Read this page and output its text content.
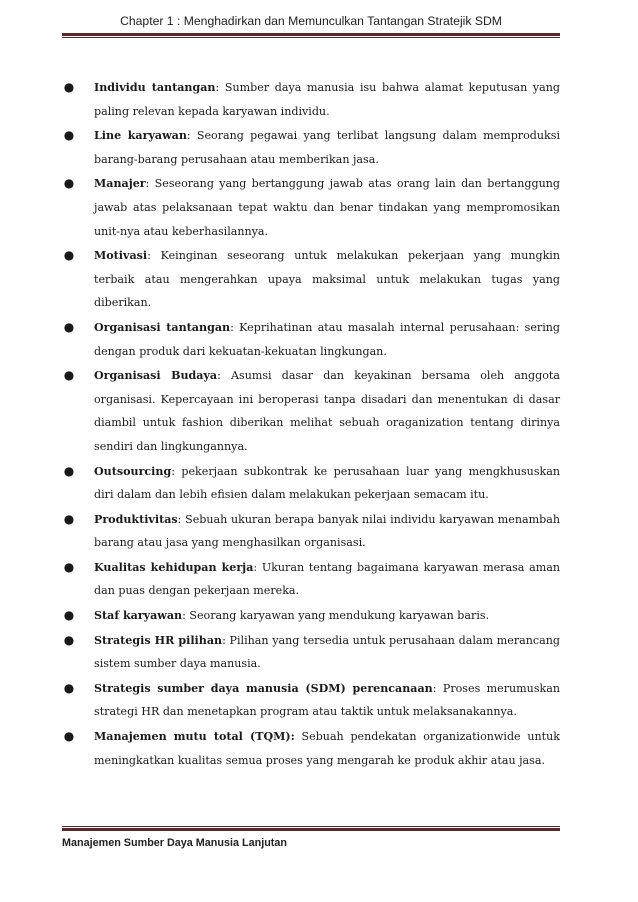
Chapter 1 : Menghadirkan dan Memunculkan Tantangan Stratejik SDM
● Individu tantangan: Sumber daya manusia isu bahwa alamat keputusan yang paling relevan kepada karyawan individu.
● Line karyawan: Seorang pegawai yang terlibat langsung dalam memproduksi barang-barang perusahaan atau memberikan jasa.
● Manajer: Seseorang yang bertanggung jawab atas orang lain dan bertanggung jawab atas pelaksanaan tepat waktu dan benar tindakan yang mempromosikan unit-nya atau keberhasilannya.
● Motivasi: Keinginan seseorang untuk melakukan pekerjaan yang mungkin terbaik atau mengerahkan upaya maksimal untuk melakukan tugas yang diberikan.
● Organisasi tantangan: Keprihatinan atau masalah internal perusahaan: sering dengan produk dari kekuatan-kekuatan lingkungan.
● Organisasi Budaya: Asumsi dasar dan keyakinan bersama oleh anggota organisasi. Kepercayaan ini beroperasi tanpa disadari dan menentukan di dasar diambil untuk fashion diberikan melihat sebuah oraganization tentang dirinya sendiri dan lingkungannya.
● Outsourcing: pekerjaan subkontrak ke perusahaan luar yang mengkhususkan diri dalam dan lebih efisien dalam melakukan pekerjaan semacam itu.
● Produktivitas: Sebuah ukuran berapa banyak nilai individu karyawan menambah barang atau jasa yang menghasilkan organisasi.
● Kualitas kehidupan kerja: Ukuran tentang bagaimana karyawan merasa aman dan puas dengan pekerjaan mereka.
● Staf karyawan: Seorang karyawan yang mendukung karyawan baris.
● Strategis HR pilihan: Pilihan yang tersedia untuk perusahaan dalam merancang sistem sumber daya manusia.
● Strategis sumber daya manusia (SDM) perencanaan: Proses merumuskan strategi HR dan menetapkan program atau taktik untuk melaksanakannya.
● Manajemen mutu total (TQM): Sebuah pendekatan organizationwide untuk meningkatkan kualitas semua proses yang mengarah ke produk akhir atau jasa.
Manajemen Sumber Daya Manusia Lanjutan
